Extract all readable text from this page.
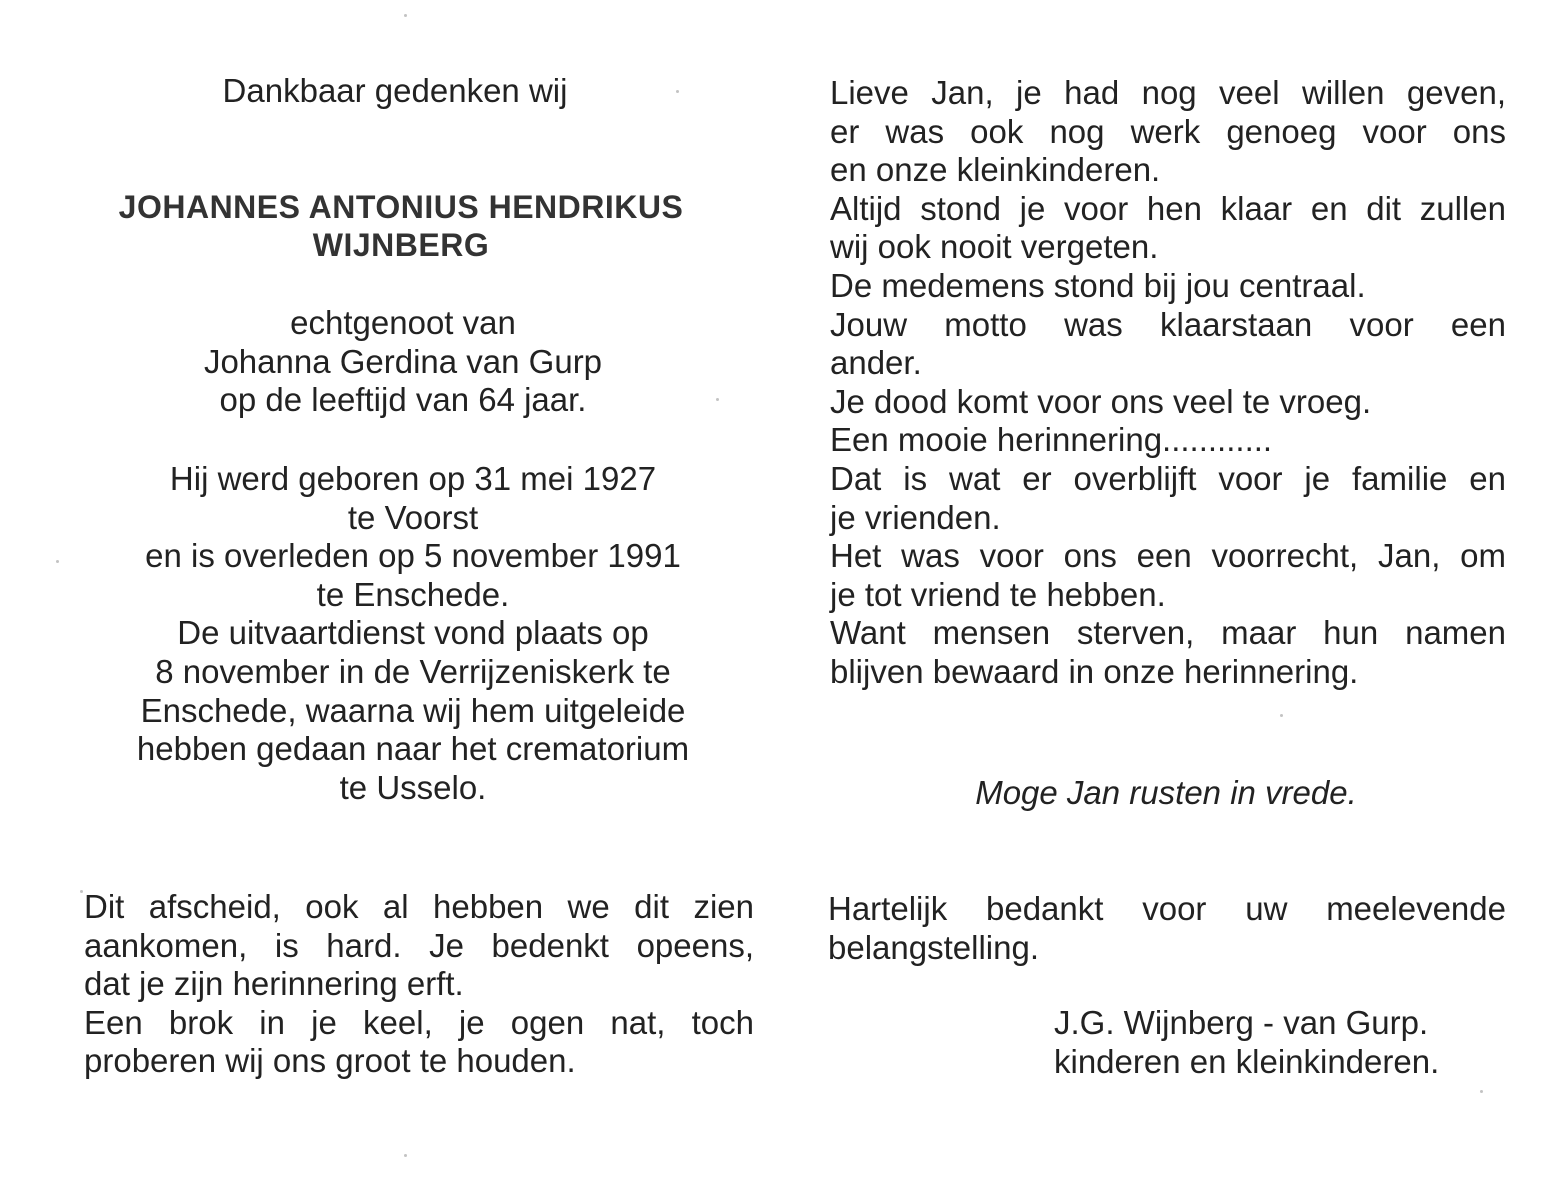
Dankbaar gedenken wij
JOHANNES ANTONIUS HENDRIKUS
WIJNBERG
echtgenoot van
Johanna Gerdina van Gurp
op de leeftijd van 64 jaar.
Hij werd geboren op 31 mei 1927
te Voorst
en is overleden op 5 november 1991
te Enschede.
De uitvaartdienst vond plaats op
8 november in de Verrijzeniskerk te
Enschede, waarna wij hem uitgeleide
hebben gedaan naar het crematorium
te Usselo.
Dit afscheid, ook al hebben we dit zien
aankomen, is hard. Je bedenkt opeens,
dat je zijn herinnering erft.
Een brok in je keel, je ogen nat, toch
proberen wij ons groot te houden.
Lieve Jan, je had nog veel willen geven,
er was ook nog werk genoeg voor ons
en onze kleinkinderen.
Altijd stond je voor hen klaar en dit zullen
wij ook nooit vergeten.
De medemens stond bij jou centraal.
Jouw motto was klaarstaan voor een
ander.
Je dood komt voor ons veel te vroeg.
Een mooie herinnering............
Dat is wat er overblijft voor je familie en
je vrienden.
Het was voor ons een voorrecht, Jan, om
je tot vriend te hebben.
Want mensen sterven, maar hun namen
blijven bewaard in onze herinnering.
Moge Jan rusten in vrede.
Hartelijk bedankt voor uw meelevende
belangstelling.
J.G. Wijnberg - van Gurp.
kinderen en kleinkinderen.
